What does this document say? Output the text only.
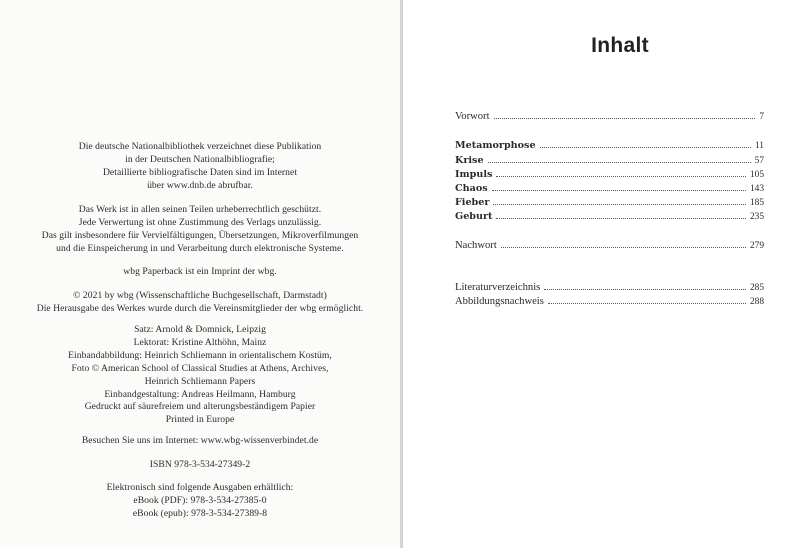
Die deutsche Nationalbibliothek verzeichnet diese Publikation
in der Deutschen Nationalbibliografie;
Detaillierte bibliografische Daten sind im Internet
über www.dnb.de abrufbar.
Das Werk ist in allen seinen Teilen urheberrechtlich geschützt.
Jede Verwertung ist ohne Zustimmung des Verlags unzulässig.
Das gilt insbesondere für Vervielfältigungen, Übersetzungen, Mikroverfilmungen
und die Einspeicherung in und Verarbeitung durch elektronische Systeme.
wbg Paperback ist ein Imprint der wbg.
© 2021 by wbg (Wissenschaftliche Buchgesellschaft, Darmstadt)
Die Herausgabe des Werkes wurde durch die Vereinsmitglieder der wbg ermöglicht.
Satz: Arnold & Domnick, Leipzig
Lektorat: Kristine Althöhn, Mainz
Einbandabbildung: Heinrich Schliemann in orientalischem Kostüm,
Foto © American School of Classical Studies at Athens, Archives,
Heinrich Schliemann Papers
Einbandgestaltung: Andreas Heilmann, Hamburg
Gedruckt auf säurefreiem und alterungsbeständigem Papier
Printed in Europe
Besuchen Sie uns im Internet: www.wbg-wissenverbindet.de
ISBN 978-3-534-27349-2
Elektronisch sind folgende Ausgaben erhältlich:
eBook (PDF): 978-3-534-27385-0
eBook (epub): 978-3-534-27389-8
Inhalt
Vorwort	7
Metamorphose	11
Krise	57
Impuls	105
Chaos	143
Fieber	185
Geburt	235
Nachwort	279
Literaturverzeichnis	285
Abbildungsnachweis	288
